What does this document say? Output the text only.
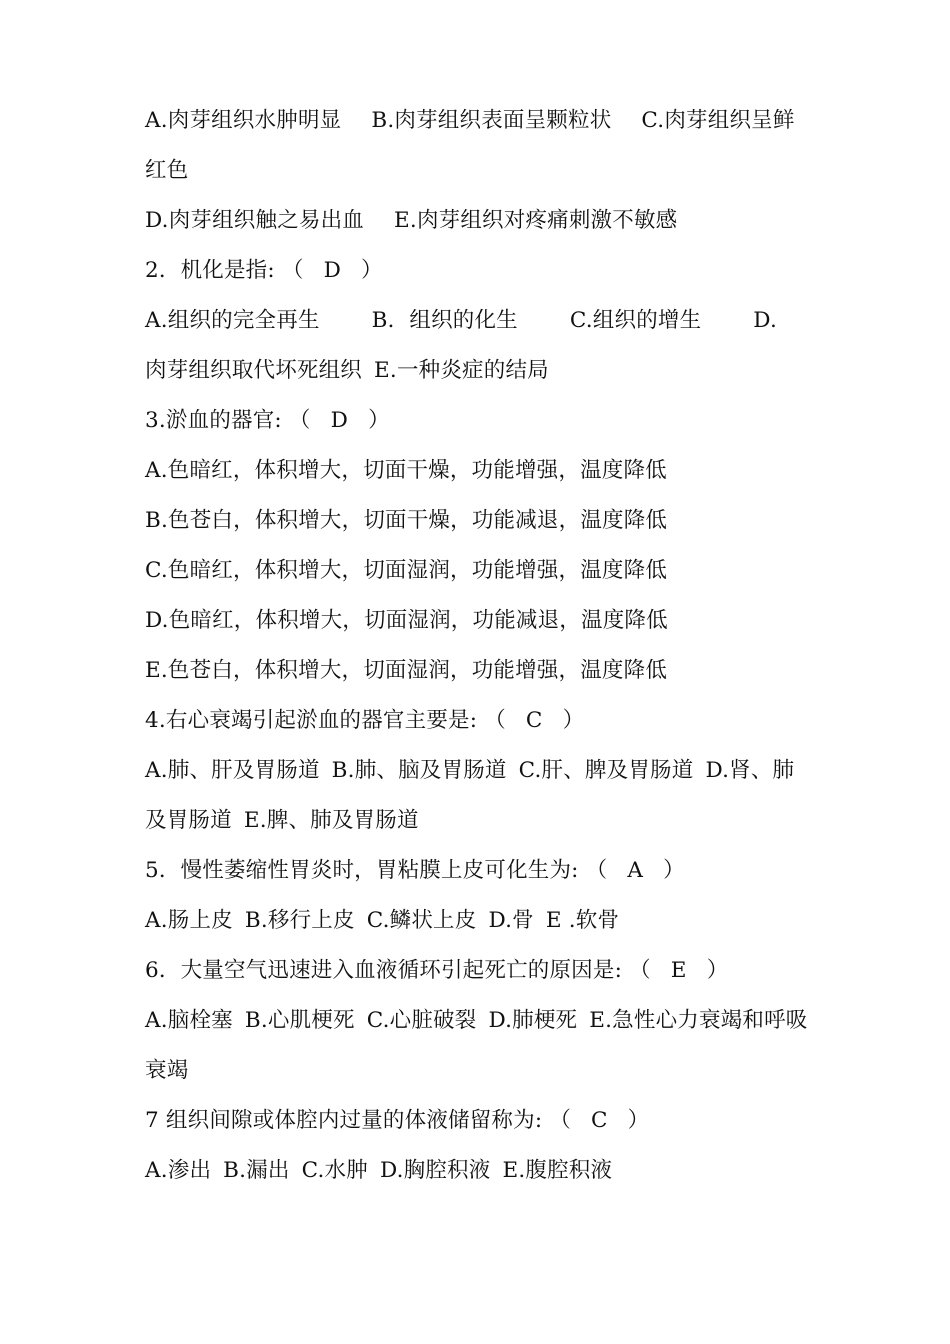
A.肉芽组织水肿明显 B.肉芽组织表面呈颗粒状 C.肉芽组织呈鲜
红色
D.肉芽组织触之易出血 E.肉芽组织对疼痛刺激不敏感
2．机化是指: （ D ）
A.组织的完全再生 B．组织的化生 C.组织的增生 D.
肉芽组织取代坏死组织 E.一种炎症的结局
3.淤血的器官: （ D ）
A.色暗红，体积增大，切面干燥，功能增强，温度降低
B.色苍白，体积增大，切面干燥，功能减退，温度降低
C.色暗红，体积增大，切面湿润，功能增强，温度降低
D.色暗红，体积增大，切面湿润，功能减退，温度降低
E.色苍白，体积增大，切面湿润，功能增强，温度降低
4.右心衰竭引起淤血的器官主要是: （ C ）
A.肺、肝及胃肠道 B.肺、脑及胃肠道 C.肝、脾及胃肠道 D.肾、肺
及胃肠道 E.脾、肺及胃肠道
5．慢性萎缩性胃炎时，胃粘膜上皮可化生为: （ A ）
A.肠上皮 B.移行上皮 C.鳞状上皮 D.骨 E .软骨
6．大量空气迅速进入血液循环引起死亡的原因是: （ E ）
A.脑栓塞 B.心肌梗死 C.心脏破裂 D.肺梗死 E.急性心力衰竭和呼吸
衰竭
7 组织间隙或体腔内过量的体液储留称为: （ C ）
A.渗出 B.漏出 C.水肿 D.胸腔积液 E.腹腔积液
